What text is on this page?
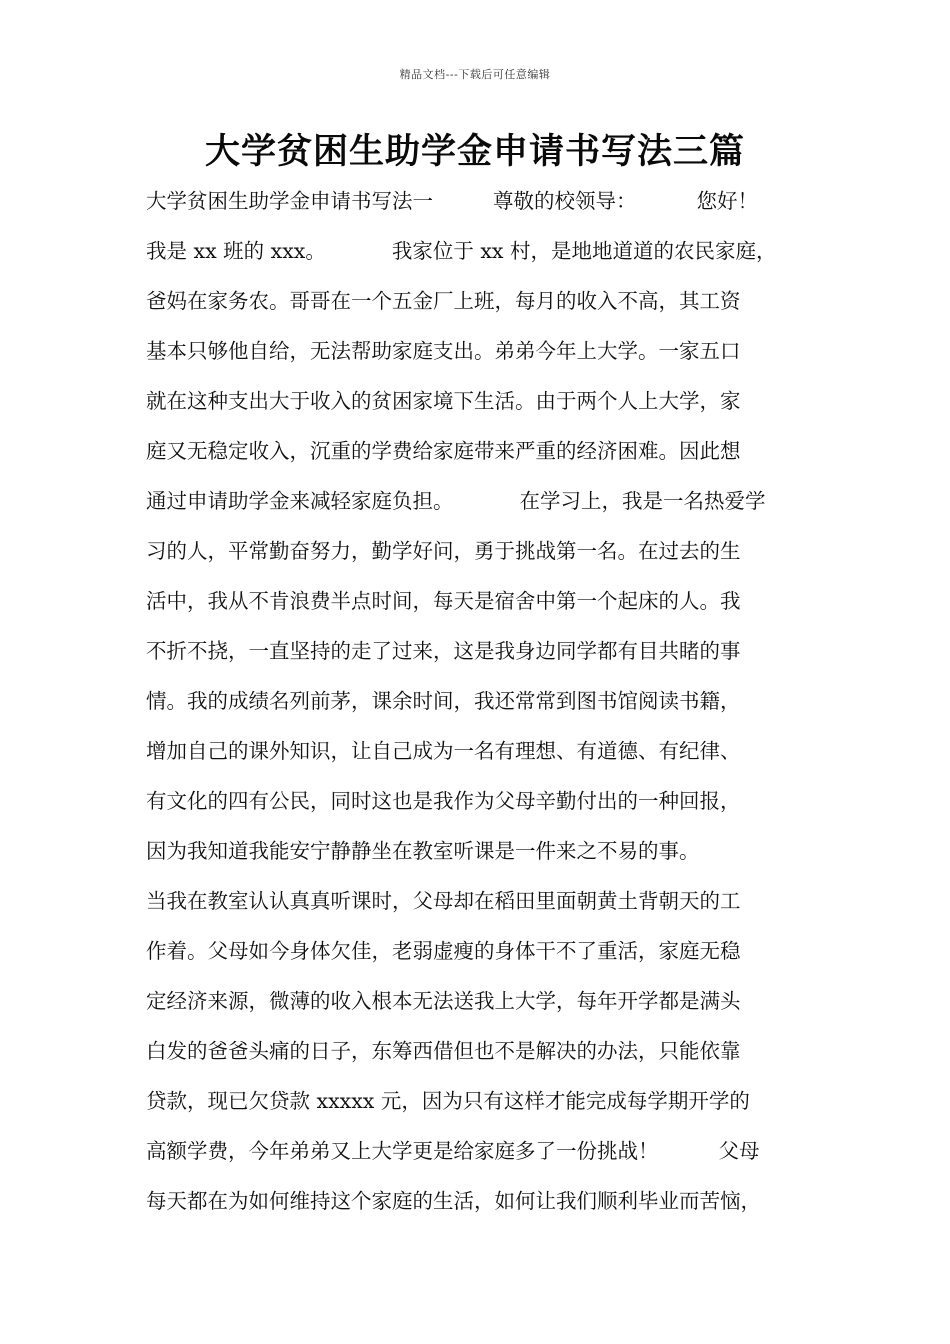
精品文档---下载后可任意编辑
大学贫困生助学金申请书写法三篇
大学贫困生助学金申请书写法一	尊敬的校领导：	您好！
我是 xx 班的 xxx。	我家位于 xx 村，是地地道道的农民家庭，
爸妈在家务农。哥哥在一个五金厂上班，每月的收入不高，其工资
基本只够他自给，无法帮助家庭支出。弟弟今年上大学。一家五口
就在这种支出大于收入的贫困家境下生活。由于两个人上大学，家
庭又无稳定收入，沉重的学费给家庭带来严重的经济困难。因此想
通过申请助学金来减轻家庭负担。	在学习上，我是一名热爱学
习的人，平常勤奋努力，勤学好问，勇于挑战第一名。在过去的生
活中，我从不肯浪费半点时间，每天是宿舍中第一个起床的人。我
不折不挠，一直坚持的走了过来，这是我身边同学都有目共睹的事
情。我的成绩名列前茅，课余时间，我还常常到图书馆阅读书籍，
增加自己的课外知识，让自己成为一名有理想、有道德、有纪律、
有文化的四有公民，同时这也是我作为父母辛勤付出的一种回报，
因为我知道我能安宁静静坐在教室听课是一件来之不易的事。
当我在教室认认真真听课时，父母却在稻田里面朝黄土背朝天的工
作着。父母如今身体欠佳，老弱虚瘦的身体干不了重活，家庭无稳
定经济来源，微薄的收入根本无法送我上大学，每年开学都是满头
白发的爸爸头痛的日子，东筹西借但也不是解决的办法，只能依靠
贷款，现已欠贷款 xxxxx 元，因为只有这样才能完成每学期开学的
高额学费，今年弟弟又上大学更是给家庭多了一份挑战！	父母
每天都在为如何维持这个家庭的生活，如何让我们顺利毕业而苦恼，
